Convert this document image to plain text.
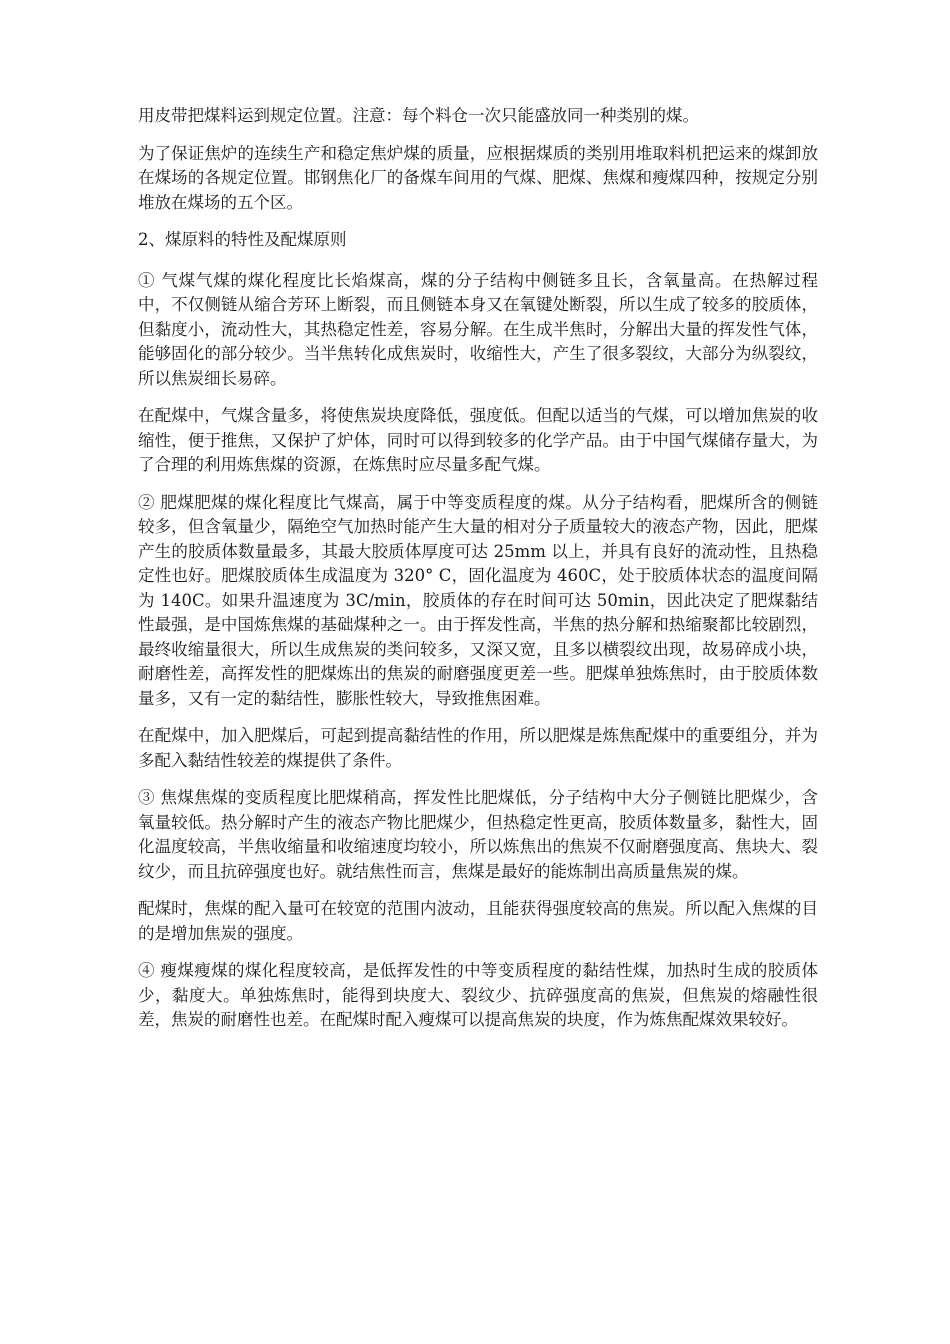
用皮带把煤料运到规定位置。注意：每个料仓一次只能盛放同一种类别的煤。

为了保证焦炉的连续生产和稳定焦炉煤的质量，应根据煤质的类别用堆取料机把运来的煤卸放在煤场的各规定位置。邯钢焦化厂的备煤车间用的气煤、肥煤、焦煤和瘦煤四种，按规定分别堆放在煤场的五个区。

2、煤原料的特性及配煤原则

① 气煤气煤的煤化程度比长焰煤高，煤的分子结构中侧链多且长，含氧量高。在热解过程中，不仅侧链从缩合芳环上断裂，而且侧链本身又在氧键处断裂，所以生成了较多的胶质体，但黏度小，流动性大，其热稳定性差，容易分解。在生成半焦时，分解出大量的挥发性气体，能够固化的部分较少。当半焦转化成焦炭时，收缩性大，产生了很多裂纹，大部分为纵裂纹，所以焦炭细长易碎。

在配煤中，气煤含量多，将使焦炭块度降低，强度低。但配以适当的气煤，可以增加焦炭的收缩性，便于推焦，又保护了炉体，同时可以得到较多的化学产品。由于中国气煤储存量大，为了合理的利用炼焦煤的资源，在炼焦时应尽量多配气煤。

② 肥煤肥煤的煤化程度比气煤高，属于中等变质程度的煤。从分子结构看，肥煤所含的侧链较多，但含氧量少，隔绝空气加热时能产生大量的相对分子质量较大的液态产物，因此，肥煤产生的胶质体数量最多，其最大胶质体厚度可达 25mm 以上，并具有良好的流动性，且热稳定性也好。肥煤胶质体生成温度为 320° C，固化温度为 460C，处于胶质体状态的温度间隔为 140C。如果升温速度为 3C/min，胶质体的存在时间可达 50min，因此决定了肥煤黏结性最强，是中国炼焦煤的基础煤种之一。由于挥发性高，半焦的热分解和热缩聚都比较剧烈，最终收缩量很大，所以生成焦炭的类问较多，又深又宽，且多以横裂纹出现，故易碎成小块，耐磨性差，高挥发性的肥煤炼出的焦炭的耐磨强度更差一些。肥煤单独炼焦时，由于胶质体数量多，又有一定的黏结性，膨胀性较大，导致推焦困难。

在配煤中，加入肥煤后，可起到提高黏结性的作用，所以肥煤是炼焦配煤中的重要组分，并为多配入黏结性较差的煤提供了条件。

③ 焦煤焦煤的变质程度比肥煤稍高，挥发性比肥煤低，分子结构中大分子侧链比肥煤少，含氧量较低。热分解时产生的液态产物比肥煤少，但热稳定性更高，胶质体数量多，黏性大，固化温度较高，半焦收缩量和收缩速度均较小，所以炼焦出的焦炭不仅耐磨强度高、焦块大、裂纹少，而且抗碎强度也好。就结焦性而言，焦煤是最好的能炼制出高质量焦炭的煤。

配煤时，焦煤的配入量可在较宽的范围内波动，且能获得强度较高的焦炭。所以配入焦煤的目的是增加焦炭的强度。

④ 瘦煤瘦煤的煤化程度较高，是低挥发性的中等变质程度的黏结性煤，加热时生成的胶质体少，黏度大。单独炼焦时，能得到块度大、裂纹少、抗碎强度高的焦炭，但焦炭的熔融性很差，焦炭的耐磨性也差。在配煤时配入瘦煤可以提高焦炭的块度，作为炼焦配煤效果较好。
